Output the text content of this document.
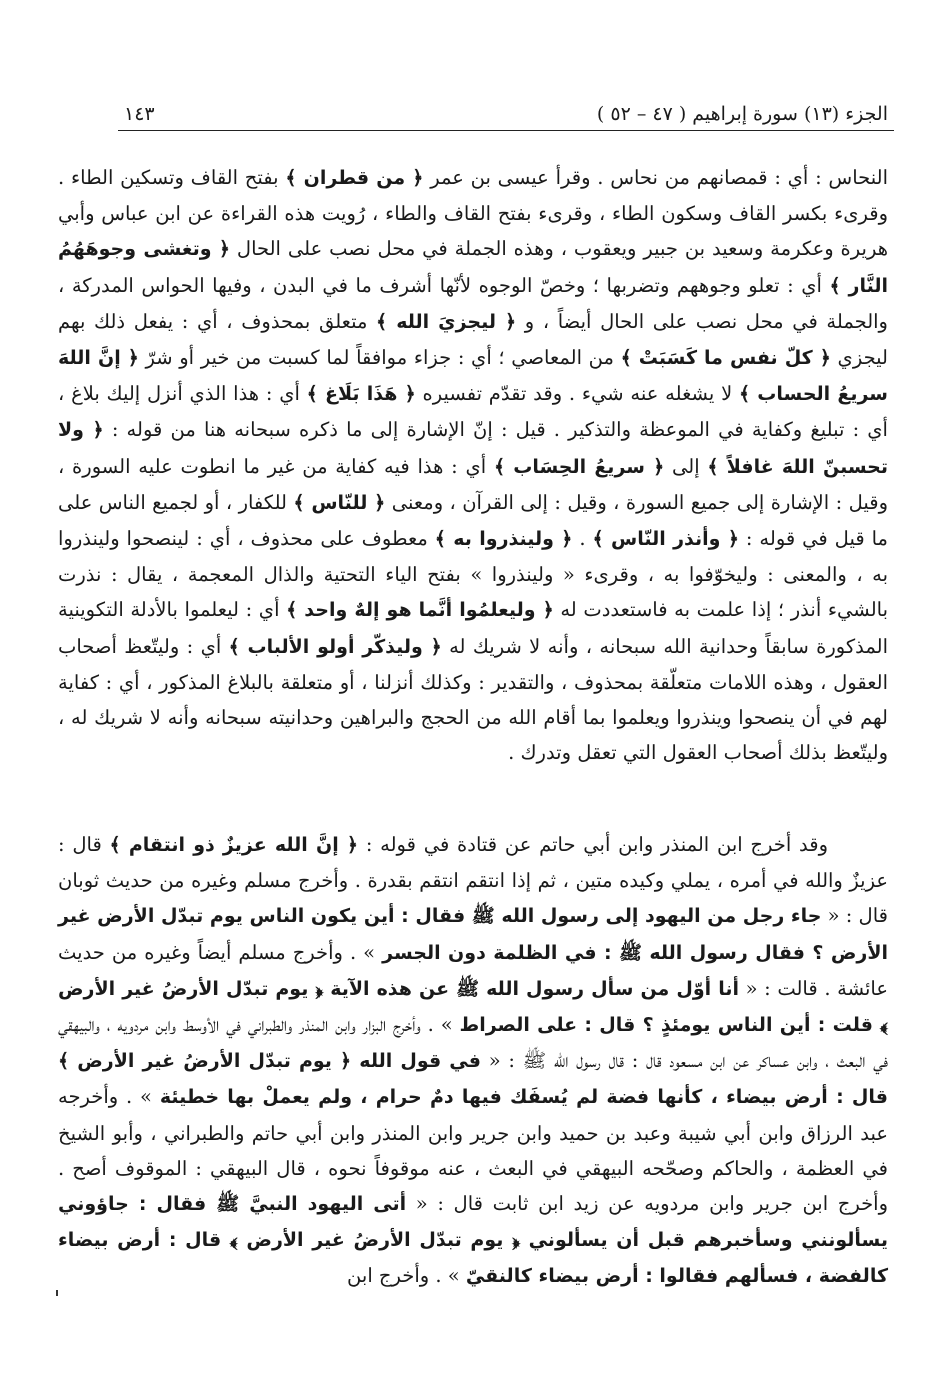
الجزء (١٣) سورة إبراهيم ( ٤٧ – ٥٢ )
١٤٣
النحاس : أي : قمصانهم من نحاس . وقرأ عيسى بن عمر ﴿ من قطران ﴾ بفتح القاف وتسكين الطاء . وقرىء بكسر القاف وسكون الطاء ، وقرىء بفتح القاف والطاء ، رُويت هذه القراءة عن ابن عباس وأبي هريرة وعكرمة وسعيد بن جبير ويعقوب ، وهذه الجملة في محل نصب على الحال ﴿ وتغشى وجوهَهُمُ النَّار ﴾ أي : تعلو وجوههم وتضربها ؛ وخصّ الوجوه لأنّها أشرف ما في البدن ، وفيها الحواس المدركة ، والجملة في محل نصب على الحال أيضاً ، و ﴿ ليجزيَ الله ﴾ متعلق بمحذوف ، أي : يفعل ذلك بهم ليجزي ﴿ كلّ نفس ما كَسَبَتْ ﴾ من المعاصي ؛ أي : جزاء موافقاً لما كسبت من خير أو شرّ ﴿ إنَّ اللهَ سريعُ الحساب ﴾ لا يشغله عنه شيء . وقد تقدّم تفسيره ﴿ هَذَا بَلَاغ ﴾ أي : هذا الذي أنزل إليك بلاغ ، أي : تبليغ وكفاية في الموعظة والتذكير . قيل : إنّ الإشارة إلى ما ذكره سبحانه هنا من قوله : ﴿ ولا تحسبنّ اللهَ غافلاً ﴾ إلى ﴿ سريعُ الحِسَاب ﴾ أي : هذا فيه كفاية من غير ما انطوت عليه السورة ، وقيل : الإشارة إلى جميع السورة ، وقيل : إلى القرآن ، ومعنى ﴿ للنّاس ﴾ للكفار ، أو لجميع الناس على ما قيل في قوله : ﴿ وأنذر النّاس ﴾ . ﴿ ولينذروا به ﴾ معطوف على محذوف ، أي : لينصحوا ولينذروا به ، والمعنى : وليخوّفوا به ، وقرىء « ولينذروا » بفتح الياء التحتية والذال المعجمة ، يقال : نذرت بالشيء أنذر ؛ إذا علمت به فاستعددت له ﴿ وليعلمُوا أنَّما هو إلهٌ واحد ﴾ أي : ليعلموا بالأدلة التكوينية المذكورة سابقاً وحدانية الله سبحانه ، وأنه لا شريك له ﴿ وليذكّر أولو الألباب ﴾ أي : وليتّعظ أصحاب العقول ، وهذه اللامات متعلّقة بمحذوف ، والتقدير : وكذلك أنزلنا ، أو متعلقة بالبلاغ المذكور ، أي : كفاية لهم في أن ينصحوا وينذروا ويعلموا بما أقام الله من الحجج والبراهين وحدانيته سبحانه وأنه لا شريك له ، وليتّعظ بذلك أصحاب العقول التي تعقل وتدرك .
وقد أخرج ابن المنذر وابن أبي حاتم عن قتادة في قوله : ﴿ إنَّ الله عزيزٌ ذو انتقام ﴾ قال : عزيزٌ والله في أمره ، يملي وكيده متين ، ثم إذا انتقم انتقم بقدرة . وأخرج مسلم وغيره من حديث ثوبان قال : « جاء رجل من اليهود إلى رسول الله ﷺ فقال : أين يكون الناس يوم تبدّل الأرض غير الأرض ؟ فقال رسول الله ﷺ : في الظلمة دون الجسر » . وأخرج مسلم أيضاً وغيره من حديث عائشة . قالت : « أنا أوّل من سأل رسول الله ﷺ عن هذه الآية ﴿ يوم تبدّل الأرضُ غير الأرض ﴾ قلت : أين الناس يومئذٍ ؟ قال : على الصراط » . وأخرج البزار وابن المنذر والطبراني في الأوسط وابن مردويه ، والبيهقي في البعث ، وابن عساكر عن ابن مسعود قال : قال رسول الله ﷺ : « في قول الله ﴿ يوم تبدّل الأرضُ غير الأرض ﴾ قال : أرض بيضاء ، كأنها فضة لم يُسفَك فيها دمٌ حرام ، ولم يعملْ بها خطيئة » . وأخرجه عبد الرزاق وابن أبي شيبة وعبد بن حميد وابن جرير وابن المنذر وابن أبي حاتم والطبراني ، وأبو الشيخ في العظمة ، والحاكم وصحّحه البيهقي في البعث ، عنه موقوفاً نحوه ، قال البيهقي : الموقوف أصح . وأخرج ابن جرير وابن مردويه عن زيد ابن ثابت قال : « أتى اليهود النبيَّ ﷺ فقال : جاؤوني يسألونني وسأخبرهم قبل أن يسألوني ﴿ يوم تبدّل الأرضُ غير الأرض ﴾ قال : أرض بيضاء كالفضة ، فسألهم فقالوا : أرض بيضاء كالنقيّ » . وأخرج ابن
